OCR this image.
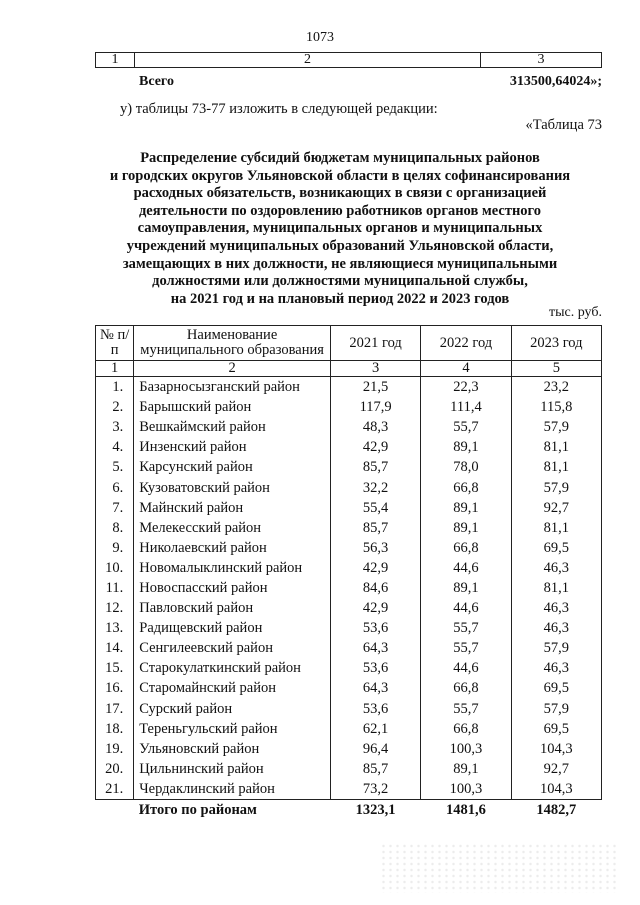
1073
1	2	3
Всего	313500,64024»;
у) таблицы 73-77 изложить в следующей редакции:
«Таблица 73
Распределение субсидий бюджетам муниципальных районов
и городских округов Ульяновской области в целях софинансирования
расходных обязательств, возникающих в связи с организацией
деятельности по оздоровлению работников органов местного
самоуправления, муниципальных органов и муниципальных
учреждений муниципальных образований Ульяновской области,
замещающих в них должности, не являющиеся муниципальными
должностями или должностями муниципальной службы,
на 2021 год и на плановый период 2022 и 2023 годов
тыс. руб.
№ п/п	Наименование муниципального образования	2021 год	2022 год	2023 год
1	2	3	4	5
1.	Базарносызганский район	21,5	22,3	23,2
2.	Барышский район	117,9	111,4	115,8
3.	Вешкаймский район	48,3	55,7	57,9
4.	Инзенский район	42,9	89,1	81,1
5.	Карсунский район	85,7	78,0	81,1
6.	Кузоватовский район	32,2	66,8	57,9
7.	Майнский район	55,4	89,1	92,7
8.	Мелекесский район	85,7	89,1	81,1
9.	Николаевский район	56,3	66,8	69,5
10.	Новомалыклинский район	42,9	44,6	46,3
11.	Новоспасский район	84,6	89,1	81,1
12.	Павловский район	42,9	44,6	46,3
13.	Радищевский район	53,6	55,7	46,3
14.	Сенгилеевский район	64,3	55,7	57,9
15.	Старокулаткинский район	53,6	44,6	46,3
16.	Старомайнский район	64,3	66,8	69,5
17.	Сурский район	53,6	55,7	57,9
18.	Тереньгульский район	62,1	66,8	69,5
19.	Ульяновский район	96,4	100,3	104,3
20.	Цильнинский район	85,7	89,1	92,7
21.	Чердаклинский район	73,2	100,3	104,3
	Итого по районам	1323,1	1481,6	1482,7
